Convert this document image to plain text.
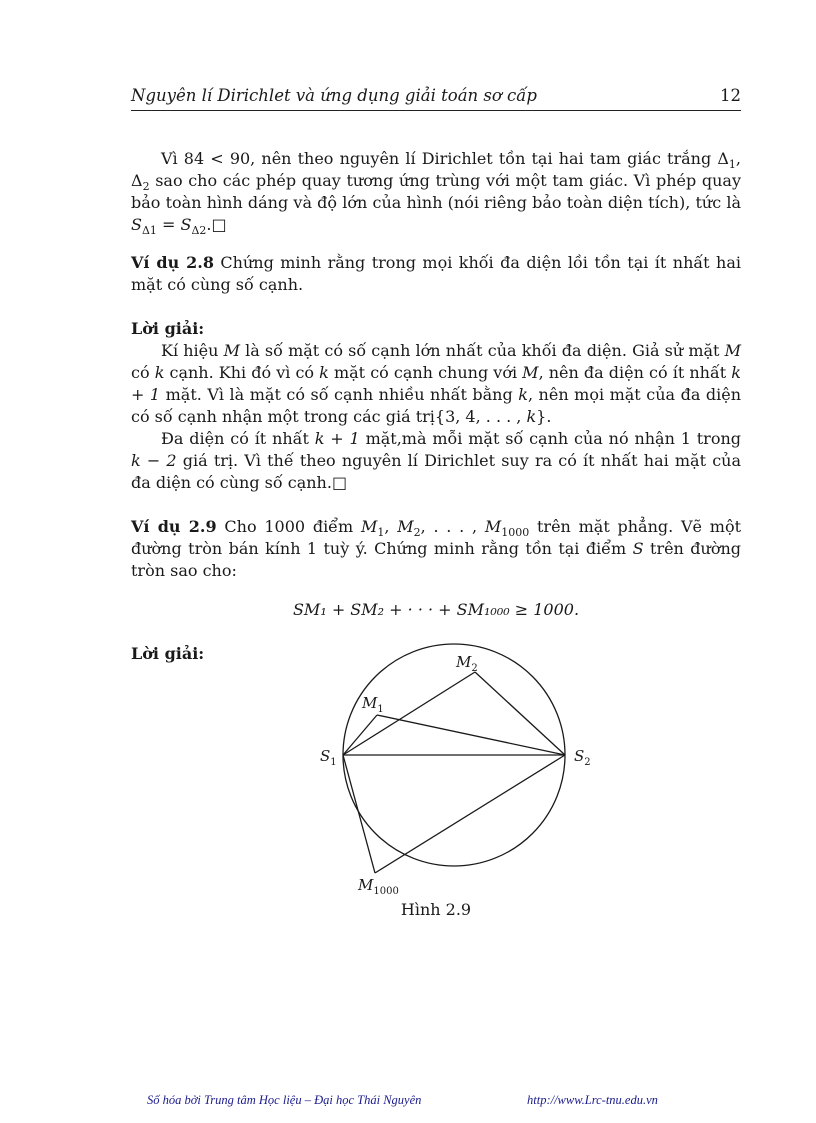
Nguyên lí Dirichlet và ứng dụng giải toán sơ cấp	12

Vì 84 < 90, nên theo nguyên lí Dirichlet tồn tại hai tam giác trắng $\Delta_1$, $\Delta_2$ sao cho các phép quay tương ứng trùng với một tam giác. Vì phép quay bảo toàn hình dáng và độ lớn của hình (nói riêng bảo toàn diện tích), tức là $S_{\Delta 1}$ = $S_{\Delta 2}.□$

Ví dụ 2.8 Chứng minh rằng trong mọi khối đa diện lồi tồn tại ít nhất hai mặt có cùng số cạnh.

Lời giải:

Kí hiệu M là số mặt có số cạnh lớn nhất của khối đa diện. Giả sử mặt M có k cạnh. Khi đó vì có k mặt có cạnh chung với M, nên đa diện có ít nhất k + 1 mặt. Vì là mặt có số cạnh nhiều nhất bằng k, nên mọi mặt của đa diện có số cạnh nhận một trong các giá trị{3, 4, . . . , k}.

Đa diện có ít nhất k + 1 mặt,mà mỗi mặt số cạnh của nó nhận 1 trong k − 2 giá trị. Vì thế theo nguyên lí Dirichlet suy ra có ít nhất hai mặt của đa diện có cùng số cạnh.□

Ví dụ 2.9 Cho 1000 điểm $M_1$, $M_2$, . . . , $M_{1000}$ trên mặt phẳng. Vẽ một đường tròn bán kính 1 tuỳ ý. Chứng minh rằng tồn tại điểm S trên đường tròn sao cho:

SM₁ + SM₂ + · · · + SM₁₀₀₀ ≥ 1000.

Lời giải:	$M_2$
$M_1$
$S_1$	$S_2$
$M_{1000}$
Hình 2.9
Số hóa bởi Trung tâm Học liệu – Đại học Thái Nguyên	http://www.Lrc-tnu.edu.vn
